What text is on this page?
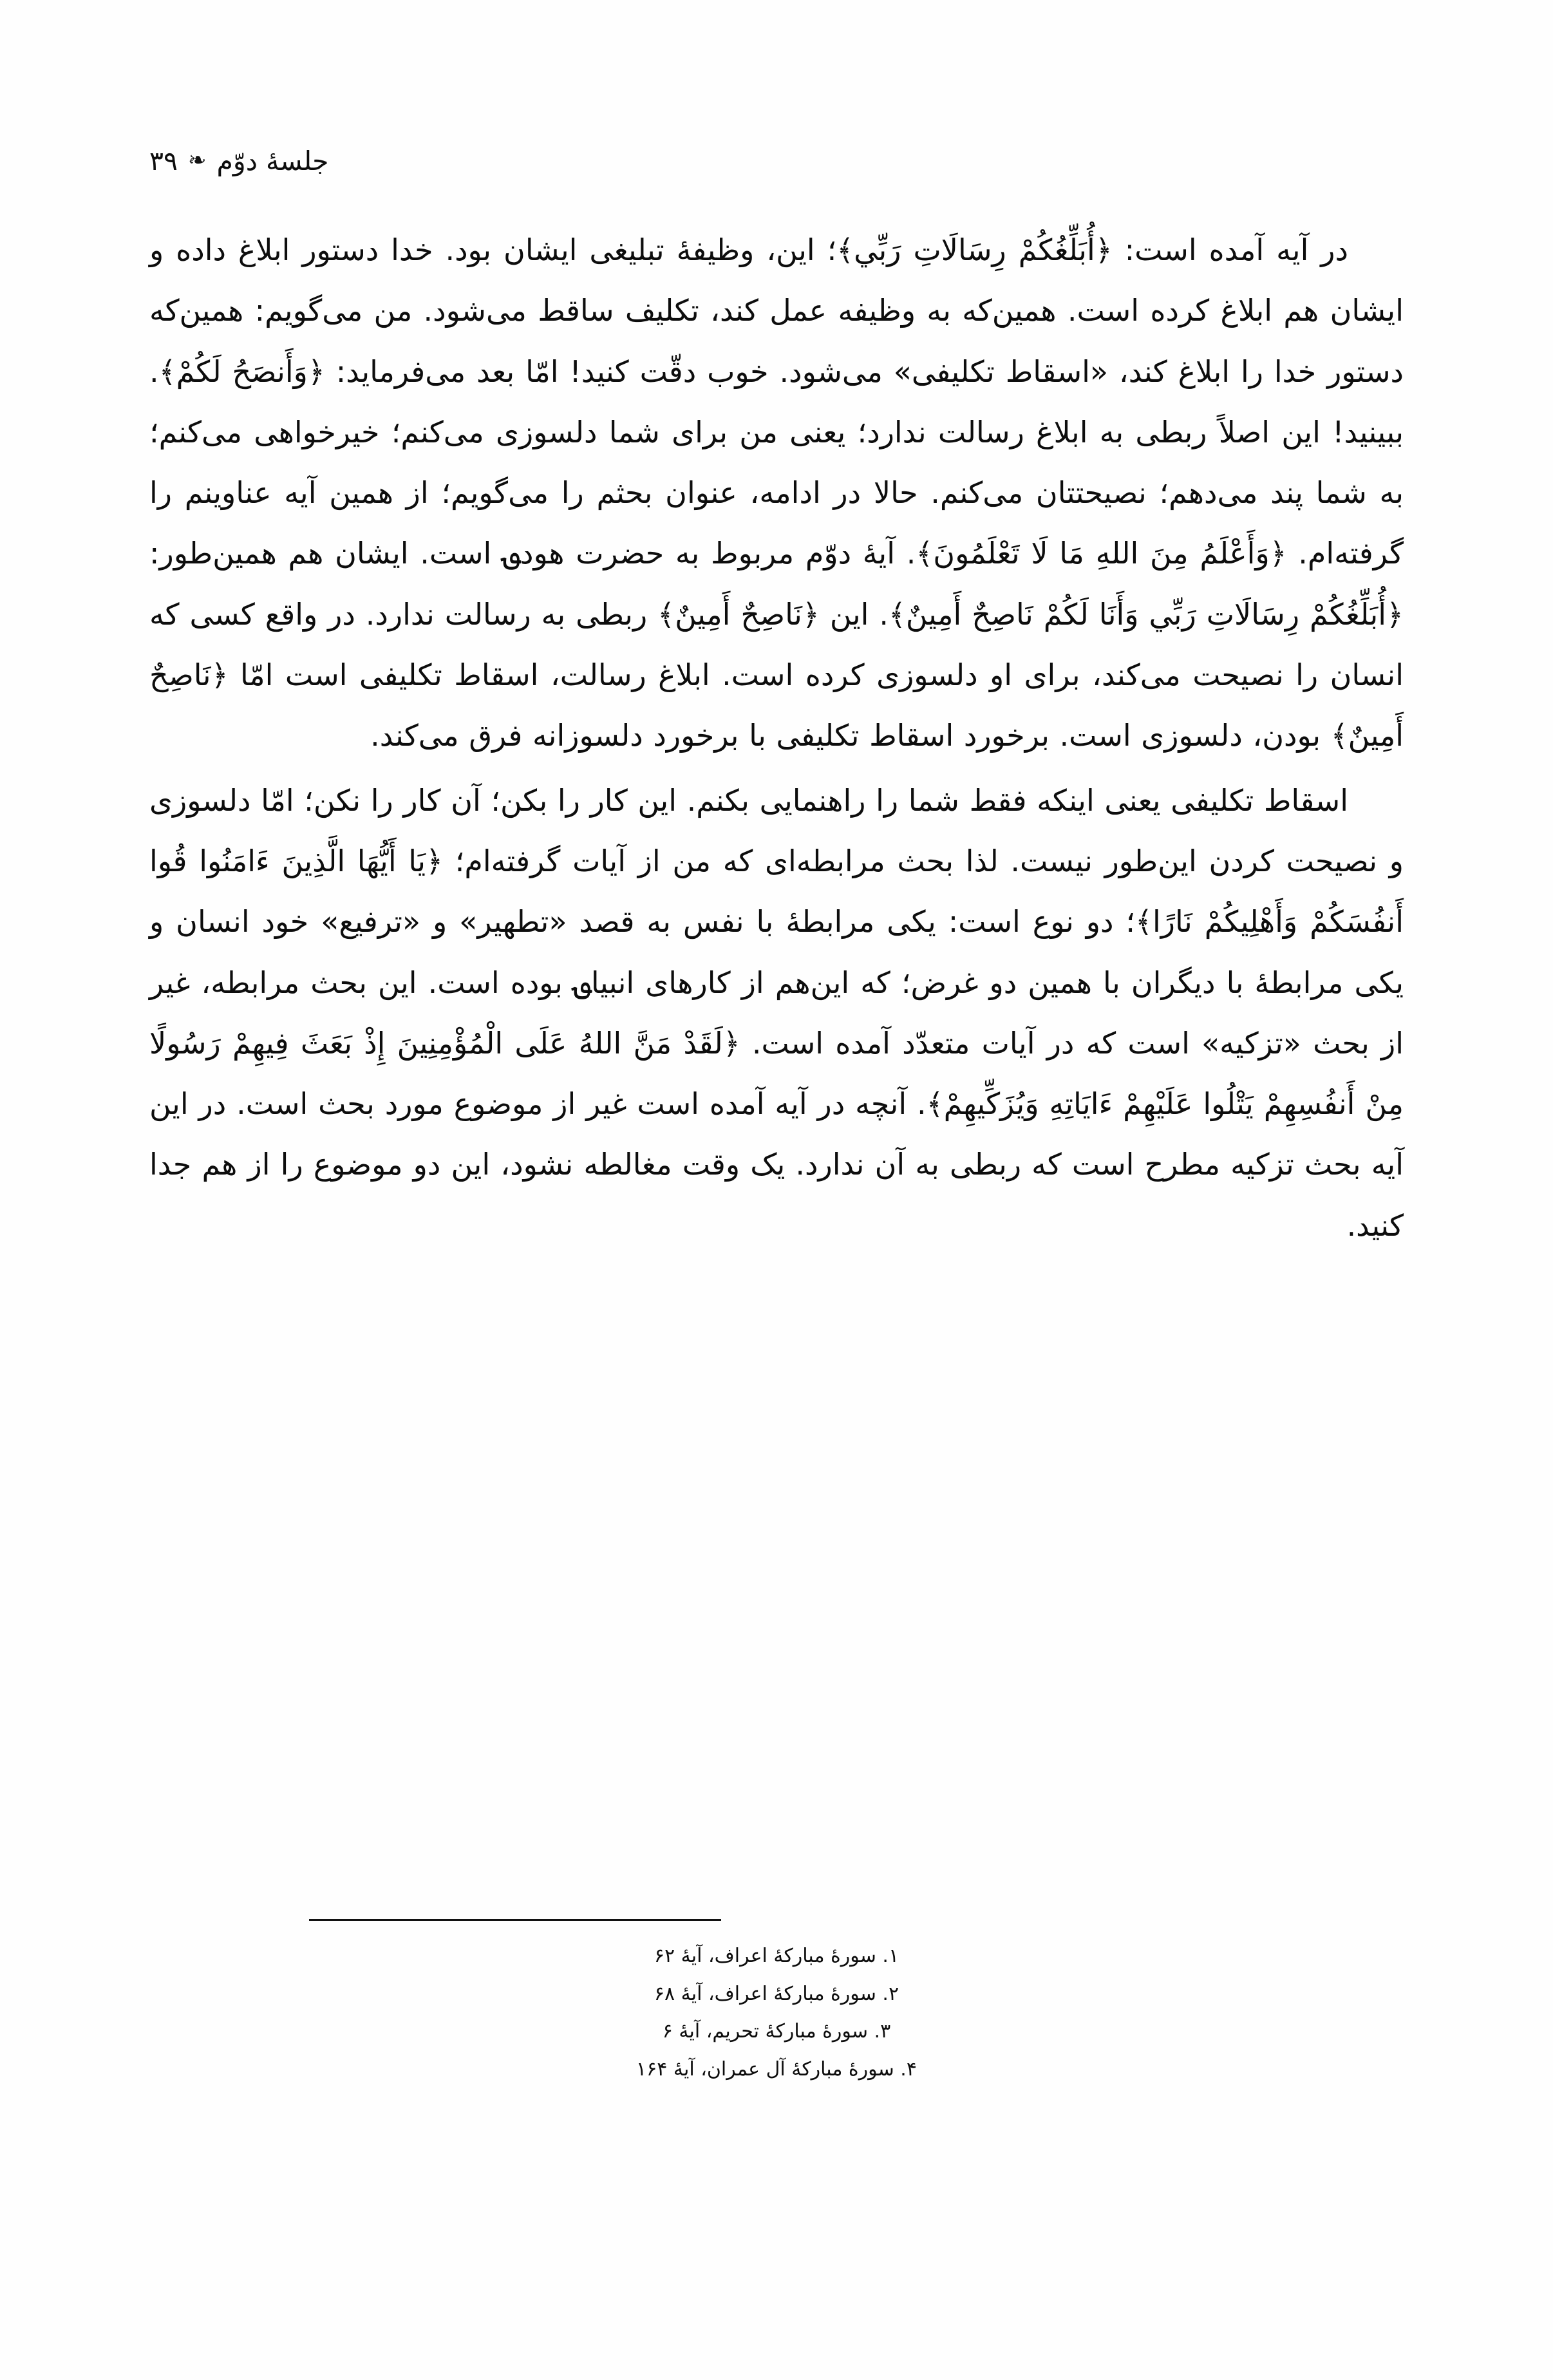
جلسهٔ دوّم
❧
۳۹

در آیه آمده است: ﴿أُبَلِّغُكُمْ رِسَالَاتِ رَبِّي﴾؛ این، وظیفهٔ تبلیغی ایشان بود. خدا دستور ابلاغ داده و ایشان هم ابلاغ کرده است. همین‌که به وظیفه عمل کند، تکلیف ساقط می‌شود. من می‌گویم: همین‌که دستور خدا را ابلاغ کند، «اسقاط تکلیفی» می‌شود. خوب دقّت کنید! امّا بعد می‌فرماید: ﴿وَأَنصَحُ لَكُمْ﴾. ببینید! این اصلاً ربطی به ابلاغ رسالت ندارد؛ یعنی من برای شما دلسوزی می‌کنم؛ خیرخواهی می‌کنم؛ به شما پند می‌دهم؛ نصیحتتان می‌کنم. حالا در ادامه، عنوان بحثم را می‌گویم؛ از همین آیه عناوینم را گرفته‌ام. ﴿وَأَعْلَمُ مِنَ اللهِ مَا لَا تَعْلَمُونَ﴾. آیهٔ دوّم مربوط به حضرت هود؈ است. ایشان هم همین‌طور: ﴿أُبَلِّغُكُمْ رِسَالَاتِ رَبِّي وَأَنَا لَكُمْ نَاصِحٌ أَمِينٌ﴾. این ﴿نَاصِحٌ أَمِينٌ﴾ ربطی به رسالت ندارد. در واقع کسی که انسان را نصیحت می‌کند، برای او دلسوزی کرده است. ابلاغ رسالت، اسقاط تکلیفی است امّا ﴿نَاصِحٌ أَمِينٌ﴾ بودن، دلسوزی است. برخورد اسقاط تکلیفی با برخورد دلسوزانه فرق می‌کند.

اسقاط تکلیفی یعنی اینکه فقط شما را راهنمایی بکنم. این کار را بکن؛ آن کار را نکن؛ امّا دلسوزی و نصیحت کردن این‌طور نیست. لذا بحث مرابطه‌ای که من از آیات گرفته‌ام؛ ﴿يَا أَيُّهَا الَّذِينَ ءَامَنُوا قُوا أَنفُسَكُمْ وَأَهْلِيكُمْ نَارًا﴾؛ دو نوع است: یکی مرابطهٔ با نفس به قصد «تطهیر» و «ترفیع» خود انسان و یکی مرابطهٔ با دیگران با همین دو غرض؛ که این‌هم از کارهای انبیا؈ بوده است. این بحث مرابطه، غیر از بحث «تزکیه» است که در آیات متعدّد آمده است. ﴿لَقَدْ مَنَّ اللهُ عَلَى الْمُؤْمِنِينَ إِذْ بَعَثَ فِيهِمْ رَسُولًا مِنْ أَنفُسِهِمْ يَتْلُوا عَلَيْهِمْ ءَايَاتِهِ وَيُزَكِّيهِمْ﴾. آنچه در آیه آمده است غیر از موضوع مورد بحث است. در این آیه بحث تزکیه مطرح است که ربطی به آن ندارد. یک وقت مغالطه نشود، این دو موضوع را از هم جدا کنید.

۱. سورهٔ مبارکهٔ اعراف، آیهٔ ۶۲
۲. سورهٔ مبارکهٔ اعراف، آیهٔ ۶۸
۳. سورهٔ مبارکهٔ تحریم، آیهٔ ۶
۴. سورهٔ مبارکهٔ آل عمران، آیهٔ ۱۶۴
